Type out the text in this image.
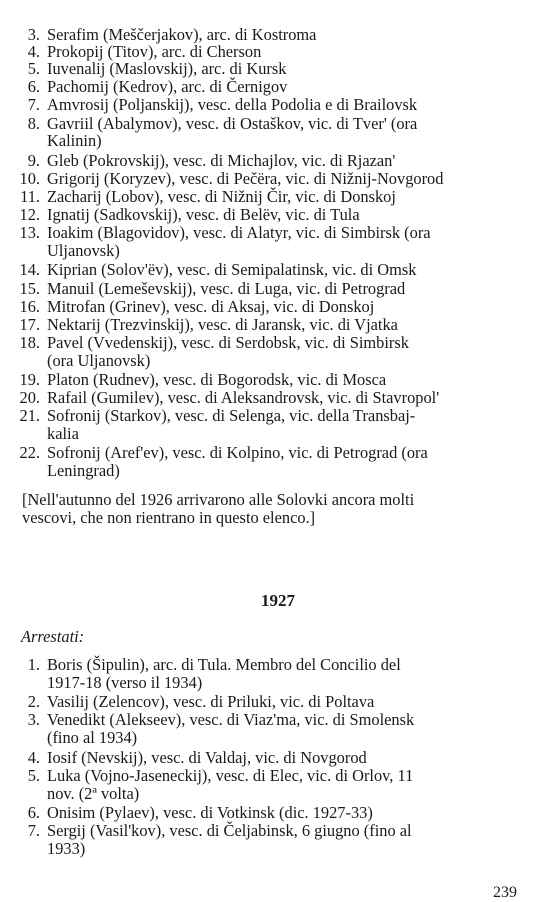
3. Serafim (Meščerjakov), arc. di Kostroma
4. Prokopij (Titov), arc. di Cherson
5. Iuvenalij (Maslovskij), arc. di Kursk
6. Pachomij (Kedrov), arc. di Černigov
7. Amvrosij (Poljanskij), vesc. della Podolia e di Brailovsk
8. Gavriil (Abalymov), vesc. di Ostaškov, vic. di Tver' (ora
Kalinin)
9. Gleb (Pokrovskij), vesc. di Michajlov, vic. di Rjazan'
10. Grigorij (Koryzev), vesc. di Pečëra, vic. di Nižnij-Novgorod
11. Zacharij (Lobov), vesc. di Nižnij Čir, vic. di Donskoj
12. Ignatij (Sadkovskij), vesc. di Belëv, vic. di Tula
13. Ioakim (Blagovidov), vesc. di Alatyr, vic. di Simbirsk (ora
Uljanovsk)
14. Kiprian (Solov'ëv), vesc. di Semipalatinsk, vic. di Omsk
15. Manuil (Lemeševskij), vesc. di Luga, vic. di Petrograd
16. Mitrofan (Grinev), vesc. di Aksaj, vic. di Donskoj
17. Nektarij (Trezvinskij), vesc. di Jaransk, vic. di Vjatka
18. Pavel (Vvedenskij), vesc. di Serdobsk, vic. di Simbirsk
(ora Uljanovsk)
19. Platon (Rudnev), vesc. di Bogorodsk, vic. di Mosca
20. Rafail (Gumilev), vesc. di Aleksandrovsk, vic. di Stavropol'
21. Sofronij (Starkov), vesc. di Selenga, vic. della Transbaj-
kalia
22. Sofronij (Aref'ev), vesc. di Kolpino, vic. di Petrograd (ora
Leningrad)
[Nell'autunno del 1926 arrivarono alle Solovki ancora molti
vescovi, che non rientrano in questo elenco.]
1927
Arrestati:
1. Boris (Šipulin), arc. di Tula. Membro del Concilio del
1917-18 (verso il 1934)
2. Vasilij (Zelencov), vesc. di Priluki, vic. di Poltava
3. Venedikt (Alekseev), vesc. di Viaz'ma, vic. di Smolensk
(fino al 1934)
4. Iosif (Nevskij), vesc. di Valdaj, vic. di Novgorod
5. Luka (Vojno-Jaseneckij), vesc. di Elec, vic. di Orlov, 11
nov. (2ª volta)
6. Onisim (Pylaev), vesc. di Votkinsk (dic. 1927-33)
7. Sergij (Vasil'kov), vesc. di Čeljabinsk, 6 giugno (fino al
1933)
239
